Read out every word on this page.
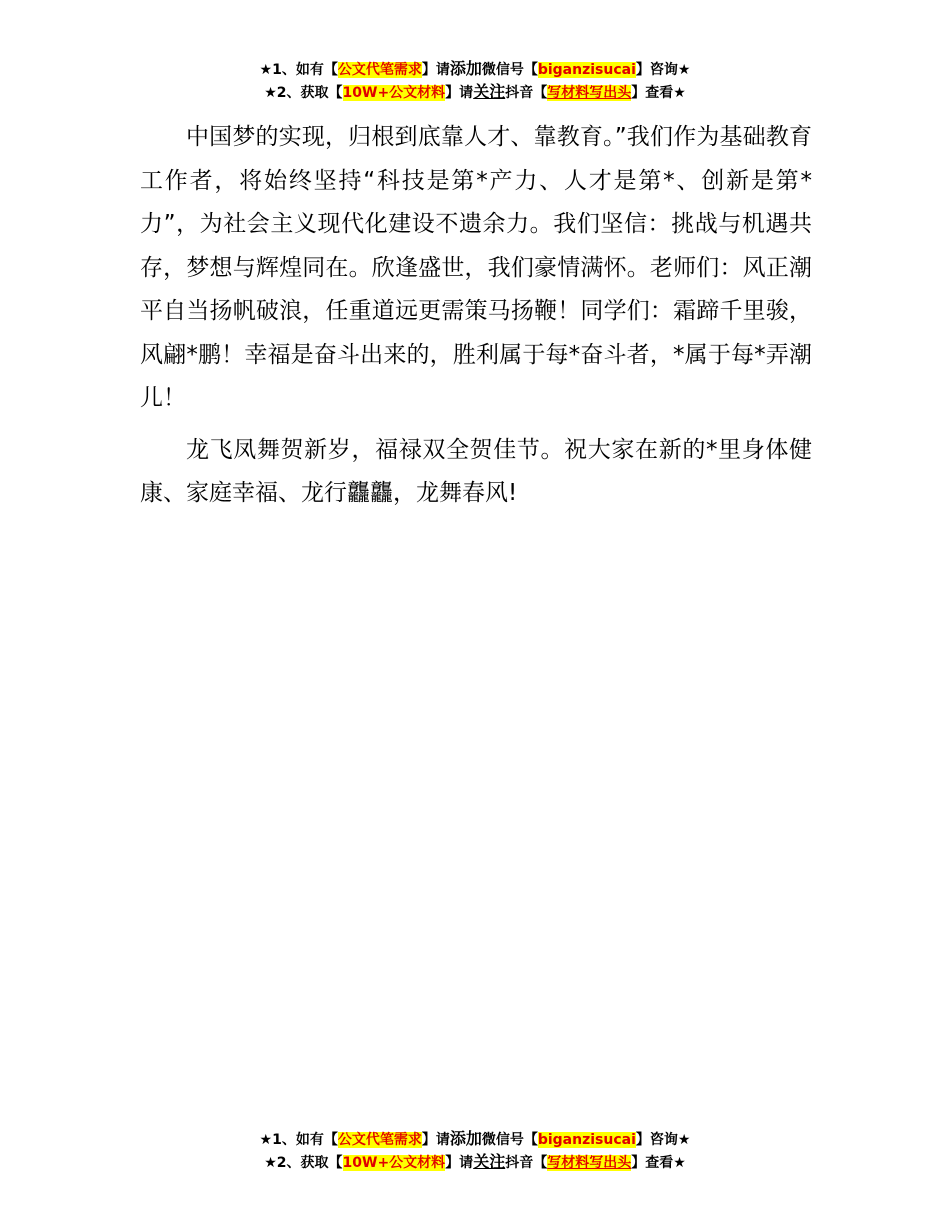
★1、如有【公文代笔需求】请添加微信号【biganzisucai】咨询★
★2、获取【10W+公文材料】请关注抖音【写材料写出头】查看★

中国梦的实现，归根到底靠人才、靠教育。”我们作为基础教育工作者，将始终坚持“科技是第*产力、人才是第*、创新是第*力”，为社会主义现代化建设不遗余力。我们坚信：挑战与机遇共存，梦想与辉煌同在。欣逢盛世，我们豪情满怀。老师们：风正潮平自当扬帆破浪，任重道远更需策马扬鞭！同学们：霜蹄千里骏，风翩*鹏！幸福是奋斗出来的，胜利属于每*奋斗者，*属于每*弄潮儿！

龙飞凤舞贺新岁，福禄双全贺佳节。祝大家在新的*里身体健康、家庭幸福、龙行龘龘，龙舞春风!

★1、如有【公文代笔需求】请添加微信号【biganzisucai】咨询★
★2、获取【10W+公文材料】请关注抖音【写材料写出头】查看★
